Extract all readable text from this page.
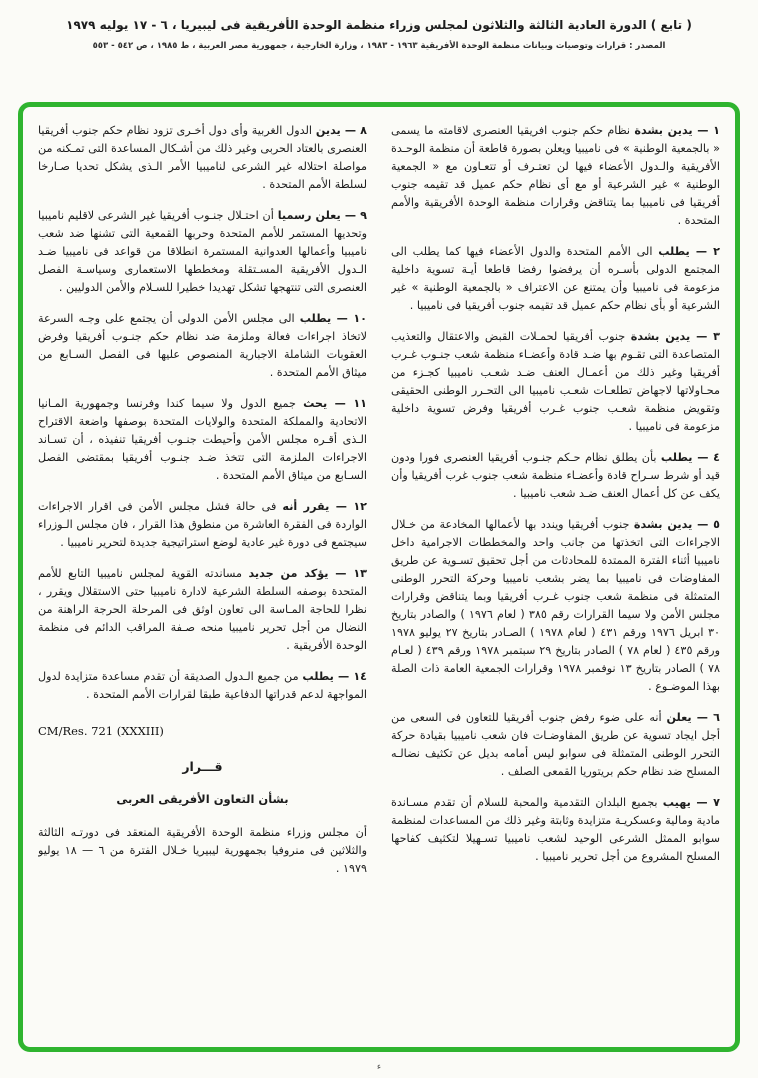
( تابع ) الدورة العادية الثالثة والثلاثون لمجلس وزراء منظمة الوحدة الأفريقية فى ليبيريا ، ٦ - ١٧ يوليه ١٩٧٩
المصدر : قرارات وتوصيات وبيانات منظمة الوحدة الأفريقية ١٩٦٣ - ١٩٨٣ ، وزارة الخارجية ، جمهورية مصر العربية ، ط ١٩٨٥ ، ص ٥٤٢ - ٥٥٣

١ — يدين بشدة نظام حكم جنوب افريقيا العنصرى لاقامته ما يسمى « بالجمعية الوطنية » فى ناميبيا ويعلن بصورة قاطعة أن منظمة الوحـدة الأفريقية والـدول الأعضاء فيها لن تعتـرف أو تتعـاون مع « الجمعية الوطنية » غير الشرعية أو مع أى نظام حكم عميل قد تقيمه جنوب أفريقيا فى ناميبيا بما يتناقض وقرارات منظمة الوحدة الأفريقية والأمم المتحدة .

٢ — يطلب الى الأمم المتحدة والدول الأعضاء فيها كما يطلب الى المجتمع الدولى بأسـره أن يرفضوا رفضا قاطعا أيـة تسوية داخلية مزعومة فى ناميبيا وأن يمتنع عن الاعتراف « بالجمعية الوطنية » غير الشرعية أو بأى نظام حكم عميل قد تقيمه جنوب أفريقيا فى ناميبيا .

٣ — يدين بشدة جنوب أفريقيا لحمـلات القبض والاعتقال والتعذيب المتصاعدة التى تقـوم بها ضـد قادة وأعضـاء منظمة شعب جنـوب غـرب أفريقيا وغير ذلك من أعمـال العنف ضـد شعـب ناميبيا كجـزء من محـاولاتها لاجهاض تطلعـات شعـب ناميبيا الى التحـرر الوطنى الحقيقى وتقويض منظمة شعـب جنوب غـرب أفريقيا وفرض تسوية داخلية مزعومة فى ناميبيا .

٤ — يطلب بأن يطلق نظام حـكم جنـوب أفريقيا العنصرى فورا ودون قيد أو شرط سـراح قادة وأعضـاء منظمة شعب جنوب غرب أفريقيا وأن يكف عن كل أعمال العنف ضـد شعب ناميبيا .

٥ — يدين بشدة جنوب أفريقيا ويندد بها لأعمالها المخادعة من خـلال الاجراءات التى اتخذتها من جانب واحد والمخططات الاجرامية داخل ناميبيا أثناء الفترة الممتدة للمحادثات من أجل تحقيق تسـوية عن طريق المفاوضات فى ناميبيا بما يضر بشعب ناميبيا وحركة التحرر الوطنى المتمثلة فى منظمة شعب جنوب غـرب أفريقيا وبما يتناقض وقرارات مجلس الأمن ولا سيما القرارات رقم ٣٨٥ ( لعام ١٩٧٦ ) والصادر بتاريخ ٣٠ ابريل ١٩٧٦ ورقم ٤٣١ ( لعام ١٩٧٨ ) الصـادر بتاريخ ٢٧ يوليو ١٩٧٨ ورقم ٤٣٥ ( لعام ٧٨ ) الصادر بتاريخ ٢٩ سبتمبر ١٩٧٨ ورقم ٤٣٩ ( لعـام ٧٨ ) الصادر بتاريخ ١٣ نوفمبر ١٩٧٨ وقرارات الجمعية العامة ذات الصلة بهذا الموضـوع .

٦ — يعلن أنه على ضوء رفض جنوب أفريقيا للتعاون فى السعى من أجل ايجاد تسوية عن طريق المفاوضـات فان شعب ناميبيا بقيادة حركة التحرر الوطنى المتمثلة فى سوابو ليس أمامه بديل عن تكثيف نضالـه المسلح ضد نظام حكم بريتوريا القمعى الصلف .

٧ — يهيب بجميع البلدان التقدمية والمحبة للسلام أن تقدم مسـاندة مادية ومالية وعسكريـة متزايدة وثابتة وغير ذلك من المساعدات لمنظمة سوابو الممثل الشرعى الوحيد لشعب ناميبيا تسـهيلا لتكثيف كفاحها المسلح المشروع من أجل تحرير ناميبيا .

٨ — يدين الدول الغربية وأى دول أخـرى تزود نظام حكم جنوب أفريقيا العنصرى بالعتاد الحربى وغير ذلك من أشـكال المساعدة التى تمـكنه من مواصلة احتلاله غير الشرعى لناميبيا الأمر الـذى يشكل تحديا صـارخا لسلطة الأمم المتحدة .

٩ — يعلن رسميا أن احتـلال جنـوب أفريقيا غير الشرعى لاقليم ناميبيا وتحديها المستمر للأمم المتحدة وحربها القمعية التى تشنها ضد شعب ناميبيا وأعمالها العدوانية المستمرة انطلاقا من قواعد فى ناميبيا ضـد الـدول الأفريقية المسـتقلة ومخططها الاستعمارى وسياسـة الفصل العنصرى التى تنتهجها تشكل تهديدا خطيرا للسـلام والأمن الدوليين .

١٠ — يطلب الى مجلس الأمن الدولى أن يجتمع على وجـه السرعة لاتخاذ اجراءات فعالة وملزمة ضد نظام حكم جنـوب أفريقيا وفرض العقوبات الشاملة الاجبارية المنصوص عليها فى الفصل السـابع من ميثاق الأمم المتحدة .

١١ — يحث جميع الدول ولا سيما كندا وفرنسا وجمهورية المـانيا الاتحادية والمملكة المتحدة والولايات المتحدة بوصفها واضعة الاقتراح الـذى أقـره مجلس الأمن وأحيطت جنـوب أفريقيا تنفيذه ، أن تسـاند الاجراءات الملزمة التى تتخذ ضـد جنـوب أفريقيا بمقتضى الفصل السـابع من ميثاق الأمم المتحدة .

١٢ — يقرر أنه فى حالة فشل مجلس الأمن فى اقرار الاجراءات الواردة فى الفقرة العاشرة من منطوق هذا القرار ، فان مجلس الـوزراء سيجتمع فى دورة غير عادية لوضع استراتيجية جديدة لتحرير ناميبيا .

١٣ — يؤكد من جديد مساندته القوية لمجلس ناميبيا التابع للأمم المتحدة بوصفه السلطة الشرعية لادارة ناميبيا حتى الاستقلال ويقرر ، نظرا للحاجة المـاسة الى تعاون اوثق فى المرحلة الحرجة الراهنة من النضال من أجل تحرير ناميبيا منحه صـفة المراقب الدائم فى منظمة الوحدة الأفريقية .

١٤ — يطلب من جميع الـدول الصديقة أن تقدم مساعدة متزايدة لدول المواجهة لدعم قدراتها الدفاعية طبقا لقرارات الأمم المتحدة .

CM/Res. 721 (XXXIII)
قـــرار
بشأن التعاون الأفريقى العربى

أن مجلس وزراء منظمة الوحدة الأفريقية المنعقد فى دورتـه الثالثة والثلاثين فى منروفيا بجمهورية ليبيريا خـلال الفترة من ٦ — ١٨ يوليو ١٩٧٩ .

ء
